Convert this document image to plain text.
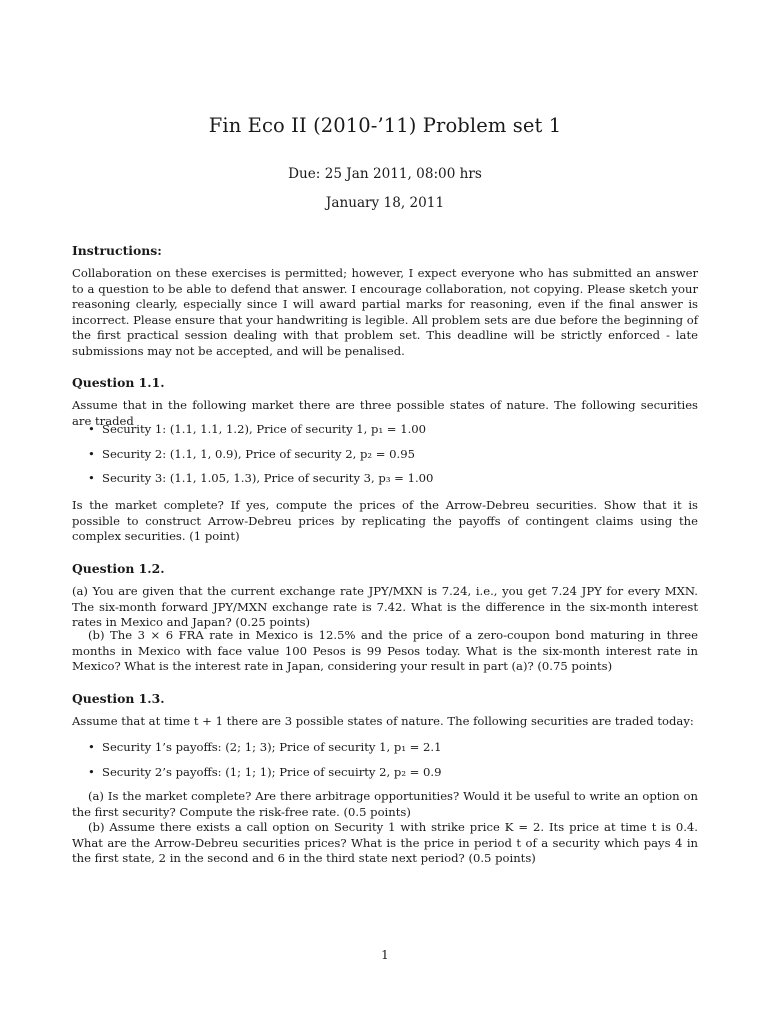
Fin Eco II (2010-’11) Problem set 1
Due: 25 Jan 2011, 08:00 hrs
January 18, 2011
Instructions:

Collaboration on these exercises is permitted; however, I expect everyone who has submitted an answer to a question to be able to defend that answer. I encourage collaboration, not copying. Please sketch your reasoning clearly, especially since I will award partial marks for reasoning, even if the final answer is incorrect. Please ensure that your handwriting is legible. All problem sets are due before the beginning of the first practical session dealing with that problem set. This deadline will be strictly enforced - late submissions may not be accepted, and will be penalised.

Question 1.1.

Assume that in the following market there are three possible states of nature. The following securities are traded

• Security 1: (1.1, 1.1, 1.2), Price of security 1, p₁ = 1.00
• Security 2: (1.1, 1, 0.9), Price of security 2, p₂ = 0.95
• Security 3: (1.1, 1.05, 1.3), Price of security 3, p₃ = 1.00

Is the market complete? If yes, compute the prices of the Arrow-Debreu securities. Show that it is possible to construct Arrow-Debreu prices by replicating the payoffs of contingent claims using the complex securities. (1 point)

Question 1.2.

(a) You are given that the current exchange rate JPY/MXN is 7.24, i.e., you get 7.24 JPY for every MXN. The six-month forward JPY/MXN exchange rate is 7.42. What is the difference in the six-month interest rates in Mexico and Japan? (0.25 points)

(b) The 3 × 6 FRA rate in Mexico is 12.5% and the price of a zero-coupon bond maturing in three months in Mexico with face value 100 Pesos is 99 Pesos today. What is the six-month interest rate in Mexico? What is the interest rate in Japan, considering your result in part (a)? (0.75 points)

Question 1.3.

Assume that at time t + 1 there are 3 possible states of nature. The following securities are traded today:

• Security 1’s payoffs: (2; 1; 3); Price of security 1, p₁ = 2.1
• Security 2’s payoffs: (1; 1; 1); Price of secuirty 2, p₂ = 0.9

(a) Is the market complete? Are there arbitrage opportunities? Would it be useful to write an option on the first security? Compute the risk-free rate. (0.5 points)

(b) Assume there exists a call option on Security 1 with strike price K = 2. Its price at time t is 0.4. What are the Arrow-Debreu securities prices? What is the price in period t of a security which pays 4 in the first state, 2 in the second and 6 in the third state next period? (0.5 points)

1
